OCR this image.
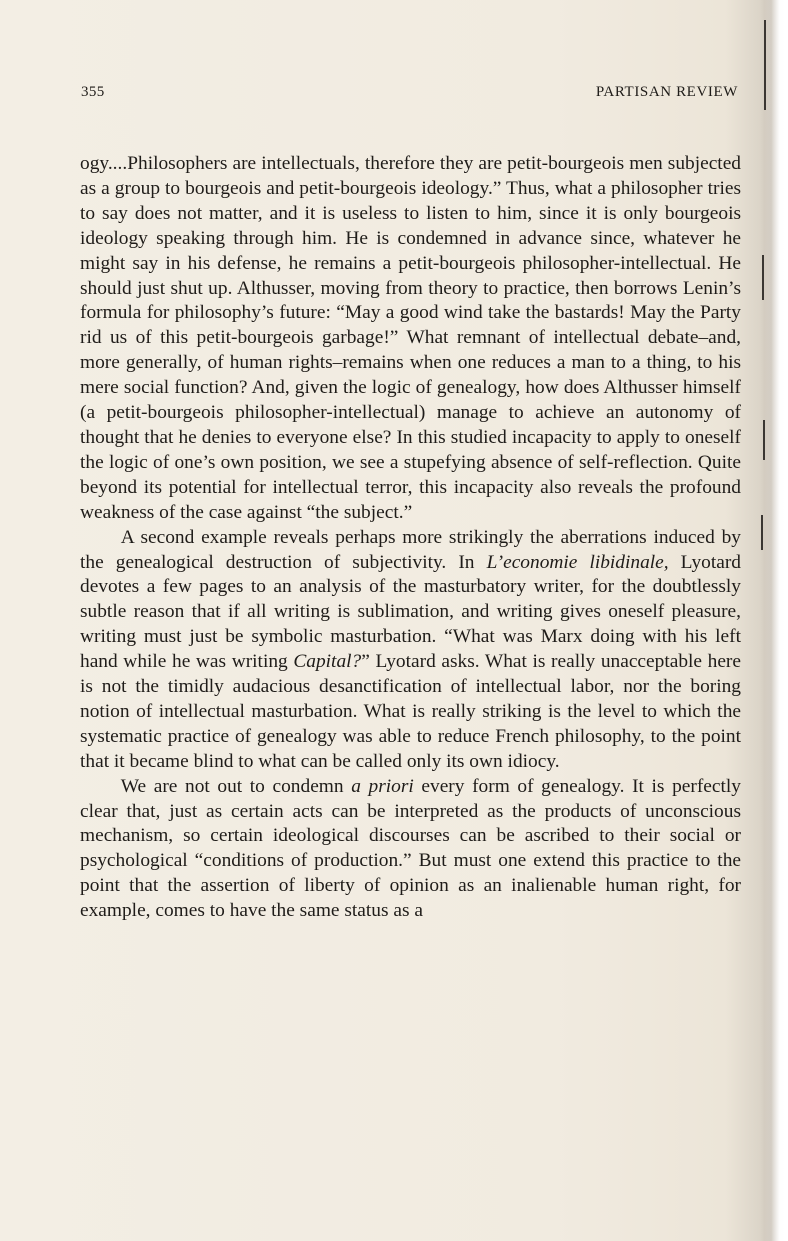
355	PARTISAN REVIEW

ogy....Philosophers are intellectuals, therefore they are petit-bourgeois men subjected as a group to bourgeois and petit-bourgeois ideology.” Thus, what a philosopher tries to say does not matter, and it is useless to listen to him, since it is only bourgeois ideology speaking through him. He is condemned in advance since, whatever he might say in his defense, he remains a petit-bourgeois philosopher-intellectual. He should just shut up. Althusser, moving from theory to practice, then borrows Lenin’s formula for philosophy’s future: “May a good wind take the bastards! May the Party rid us of this petit-bourgeois garbage!” What remnant of intellectual debate–and, more generally, of human rights–remains when one reduces a man to a thing, to his mere social function? And, given the logic of genealogy, how does Althusser himself (a petit-bourgeois philosopher-intellectual) manage to achieve an autonomy of thought that he denies to everyone else? In this studied incapacity to apply to oneself the logic of one’s own position, we see a stupefying absence of self-reflection. Quite beyond its potential for intellectual terror, this incapacity also reveals the profound weakness of the case against “the subject.”

A second example reveals perhaps more strikingly the aberrations induced by the genealogical destruction of subjectivity. In L’economie libidinale, Lyotard devotes a few pages to an analysis of the masturbatory writer, for the doubtlessly subtle reason that if all writing is sublimation, and writing gives oneself pleasure, writing must just be symbolic masturbation. “What was Marx doing with his left hand while he was writing Capital?” Lyotard asks. What is really unacceptable here is not the timidly audacious desanctification of intellectual labor, nor the boring notion of intellectual masturbation. What is really striking is the level to which the systematic practice of genealogy was able to reduce French philosophy, to the point that it became blind to what can be called only its own idiocy.

We are not out to condemn a priori every form of genealogy. It is perfectly clear that, just as certain acts can be interpreted as the products of unconscious mechanism, so certain ideological discourses can be ascribed to their social or psychological “conditions of production.” But must one extend this practice to the point that the assertion of liberty of opinion as an inalienable human right, for example, comes to have the same status as a
